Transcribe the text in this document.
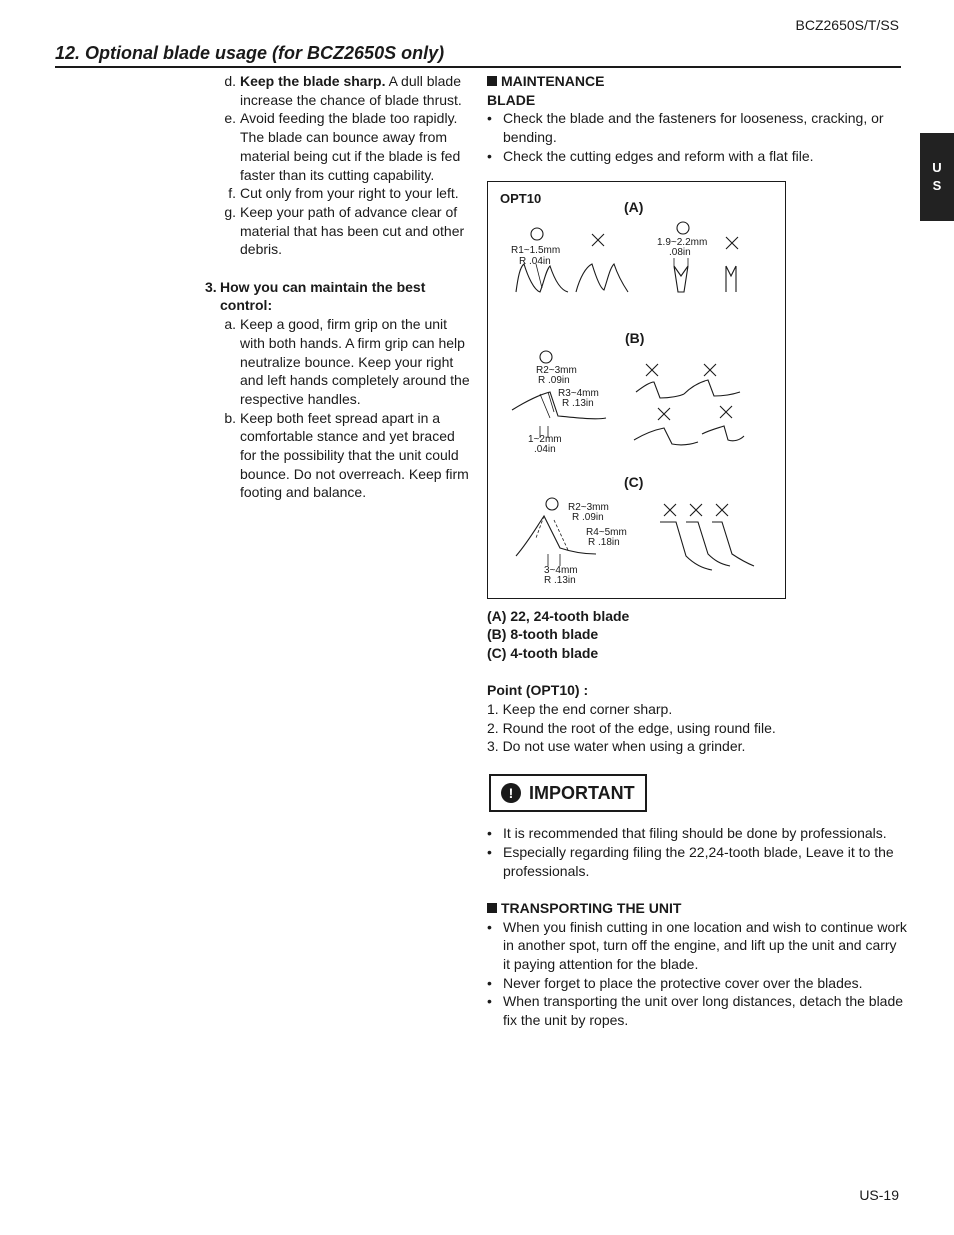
BCZ2650S/T/SS
12. Optional blade usage (for BCZ2650S only)
U
S
d. Keep the blade sharp. A dull blade increase the chance of blade thrust.
e. Avoid feeding the blade too rapidly. The blade can bounce away from material being cut if the blade is fed faster than its cutting capability.
f. Cut only from your right to your left.
g. Keep your path of advance clear of material that has been cut and other debris.
3. How you can maintain the best control:
a. Keep a good, firm grip on the unit with both hands. A firm grip can help neutralize bounce. Keep your right and left hands completely around the respective handles.
b. Keep both feet spread apart in a comfortable stance and yet braced for the possibility that the unit could bounce. Do not overreach. Keep firm footing and balance.
MAINTENANCE
BLADE
• Check the blade and the fasteners for looseness, cracking, or bending.
• Check the cutting edges and reform with a flat file.
OPT10
(A)
R1~1.5mm
R .04in
1.9~2.2mm
.08in
(B)
R2~3mm
R .09in
R3~4mm
R .13in
1~2mm
.04in
(C)
R2~3mm
R .09in
R4~5mm
R .18in
3~4mm
R .13in
(A) 22, 24-tooth blade
(B) 8-tooth blade
(C) 4-tooth blade
Point (OPT10) :
1. Keep the end corner sharp.
2. Round the root of the edge, using round file.
3. Do not use water when using a grinder.
! IMPORTANT
• It is recommended that filing should be done by professionals.
• Especially regarding filing the 22,24-tooth blade, Leave it to the professionals.
TRANSPORTING THE UNIT
• When you finish cutting in one location and wish to continue work in another spot, turn off the engine, and lift up the unit and carry it paying attention for the blade.
• Never forget to place the protective cover over the blades.
• When transporting the unit over long distances, detach the blade fix the unit by ropes.
US-19
